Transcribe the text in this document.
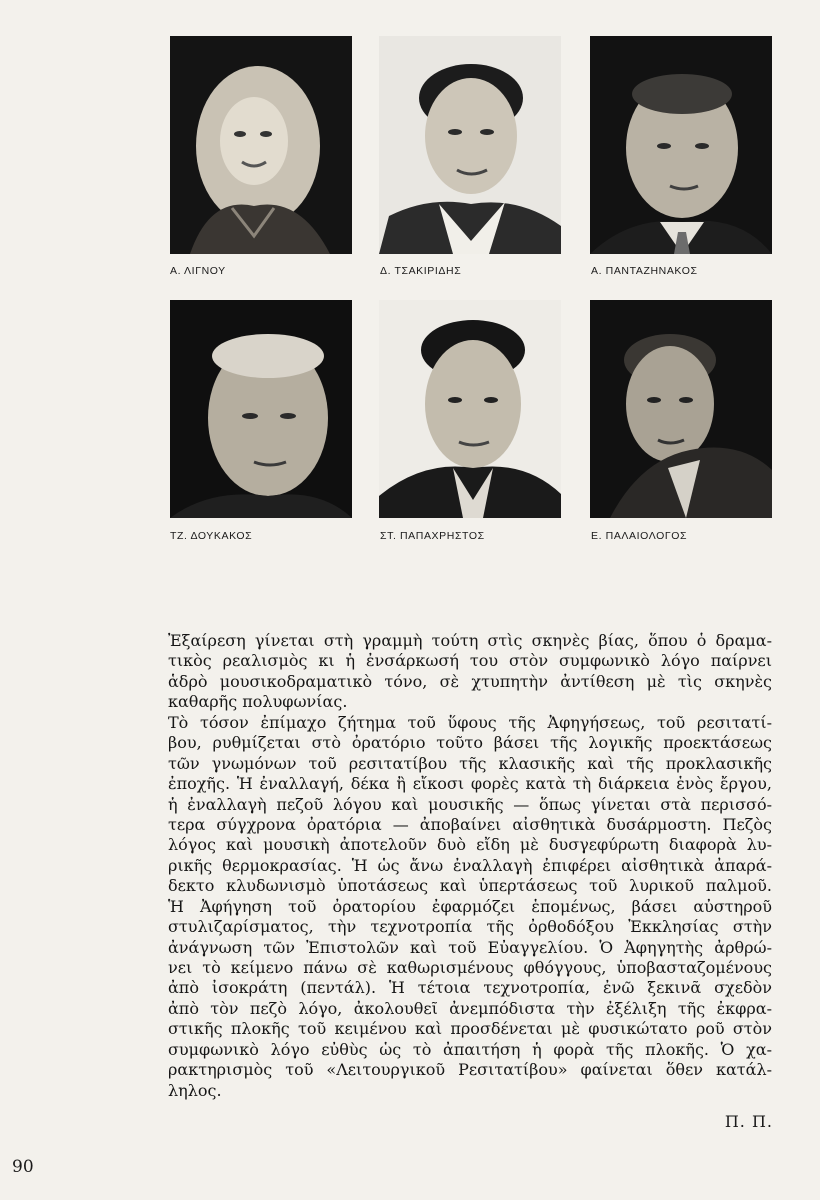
Α. ΛΙΓΝΟΥ	Δ. ΤΣΑΚΙΡΙΔΗΣ	Α. ΠΑΝΤΑΖΗΝΑΚΟΣ
ΤΖ. ΔΟΥΚΑΚΟΣ	ΣΤ. ΠΑΠΑΧΡΗΣΤΟΣ	Ε. ΠΑΛΑΙΟΛΟΓΟΣ
Ἐξαίρεση γίνεται στὴ γραμμὴ τούτη στὶς σκηνὲς βίας, ὅπου ὁ δραμα-
τικὸς ρεαλισμὸς κι ἡ ἐνσάρκωσή του στὸν συμφωνικὸ λόγο παίρνει
ἁδρὸ μουσικοδραματικὸ τόνο, σὲ χτυπητὴν ἀντίθεση μὲ τὶς σκηνὲς
καθαρῆς πολυφωνίας.
Τὸ τόσον ἐπίμαχο ζήτημα τοῦ ὕφους τῆς Ἀφηγήσεως, τοῦ ρεσιτατί-
βου, ρυθμίζεται στὸ ὀρατόριο τοῦτο βάσει τῆς λογικῆς προεκτάσεως
τῶν γνωμόνων τοῦ ρεσιτατίβου τῆς κλασικῆς καὶ τῆς προκλασικῆς
ἐποχῆς. Ἡ ἐναλλαγή, δέκα ἢ εἴκοσι φορὲς κατὰ τὴ διάρκεια ἑνὸς ἔργου,
ἡ ἐναλλαγὴ πεζοῦ λόγου καὶ μουσικῆς — ὅπως γίνεται στὰ περισσό-
τερα σύγχρονα ὀρατόρια — ἀποβαίνει αἰσθητικὰ δυσάρμοστη. Πεζὸς
λόγος καὶ μουσικὴ ἀποτελοῦν δυὸ εἴδη μὲ δυσγεφύρωτη διαφορὰ λυ-
ρικῆς θερμοκρασίας. Ἡ ὡς ἄνω ἐναλλαγὴ ἐπιφέρει αἰσθητικὰ ἀπαρά-
δεκτο κλυδωνισμὸ ὑποτάσεως καὶ ὑπερτάσεως τοῦ λυρικοῦ παλμοῦ.
Ἡ Ἀφήγηση τοῦ ὀρατορίου ἐφαρμόζει ἑπομένως, βάσει αὐστηροῦ
στυλιζαρίσματος, τὴν τεχνοτροπία τῆς ὀρθοδόξου Ἐκκλησίας στὴν
ἀνάγνωση τῶν Ἐπιστολῶν καὶ τοῦ Εὐαγγελίου. Ὁ Ἀφηγητὴς ἀρθρώ-
νει τὸ κείμενο πάνω σὲ καθωρισμένους φθόγγους, ὑποβασταζομένους
ἀπὸ ἰσοκράτη (πεντάλ). Ἡ τέτοια τεχνοτροπία, ἐνῶ ξεκινᾶ σχεδὸν
ἀπὸ τὸν πεζὸ λόγο, ἀκολουθεῖ ἀνεμπόδιστα τὴν ἐξέλιξη τῆς ἐκφρα-
στικῆς πλοκῆς τοῦ κειμένου καὶ προσδένεται μὲ φυσικώτατο ροῦ στὸν
συμφωνικὸ λόγο εὐθὺς ὡς τὸ ἀπαιτήση ἡ φορὰ τῆς πλοκῆς. Ὁ χα-
ρακτηρισμὸς τοῦ «Λειτουργικοῦ Ρεσιτατίβου» φαίνεται ὅθεν κατάλ-
ληλος.
Π. Π.
90
